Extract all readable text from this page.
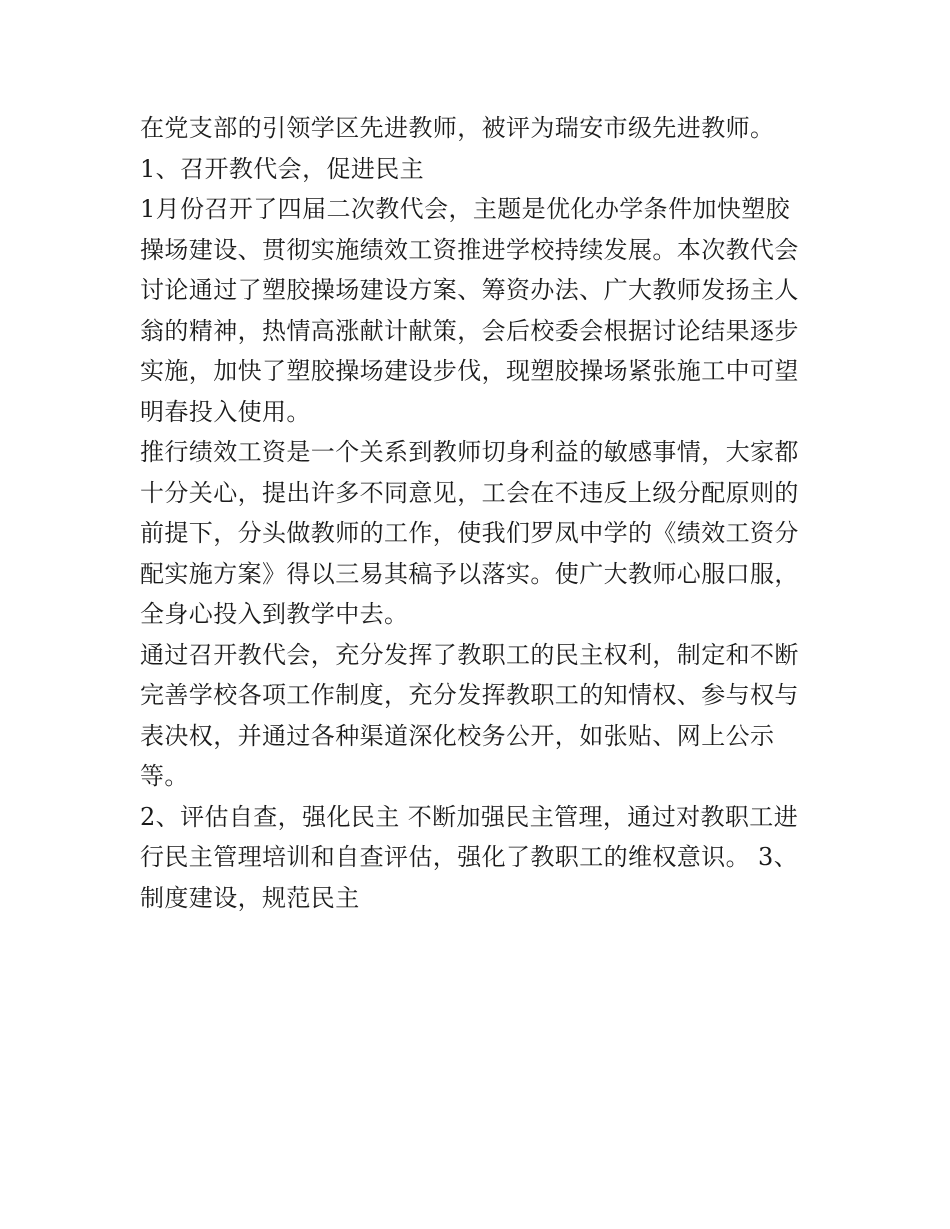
在党支部的引领学区先进教师，被评为瑞安市级先进教师。
1、召开教代会，促进民主
1月份召开了四届二次教代会，主题是优化办学条件加快塑胶
操场建设、贯彻实施绩效工资推进学校持续发展。本次教代会
讨论通过了塑胶操场建设方案、筹资办法、广大教师发扬主人
翁的精神，热情高涨献计献策，会后校委会根据讨论结果逐步
实施，加快了塑胶操场建设步伐，现塑胶操场紧张施工中可望
明春投入使用。
推行绩效工资是一个关系到教师切身利益的敏感事情，大家都
十分关心，提出许多不同意见，工会在不违反上级分配原则的
前提下，分头做教师的工作，使我们罗凤中学的《绩效工资分
配实施方案》得以三易其稿予以落实。使广大教师心服口服，
全身心投入到教学中去。
通过召开教代会，充分发挥了教职工的民主权利，制定和不断
完善学校各项工作制度，充分发挥教职工的知情权、参与权与
表决权，并通过各种渠道深化校务公开，如张贴、网上公示
等。
2、评估自查，强化民主 不断加强民主管理，通过对教职工进
行民主管理培训和自查评估，强化了教职工的维权意识。 3、
制度建设，规范民主
